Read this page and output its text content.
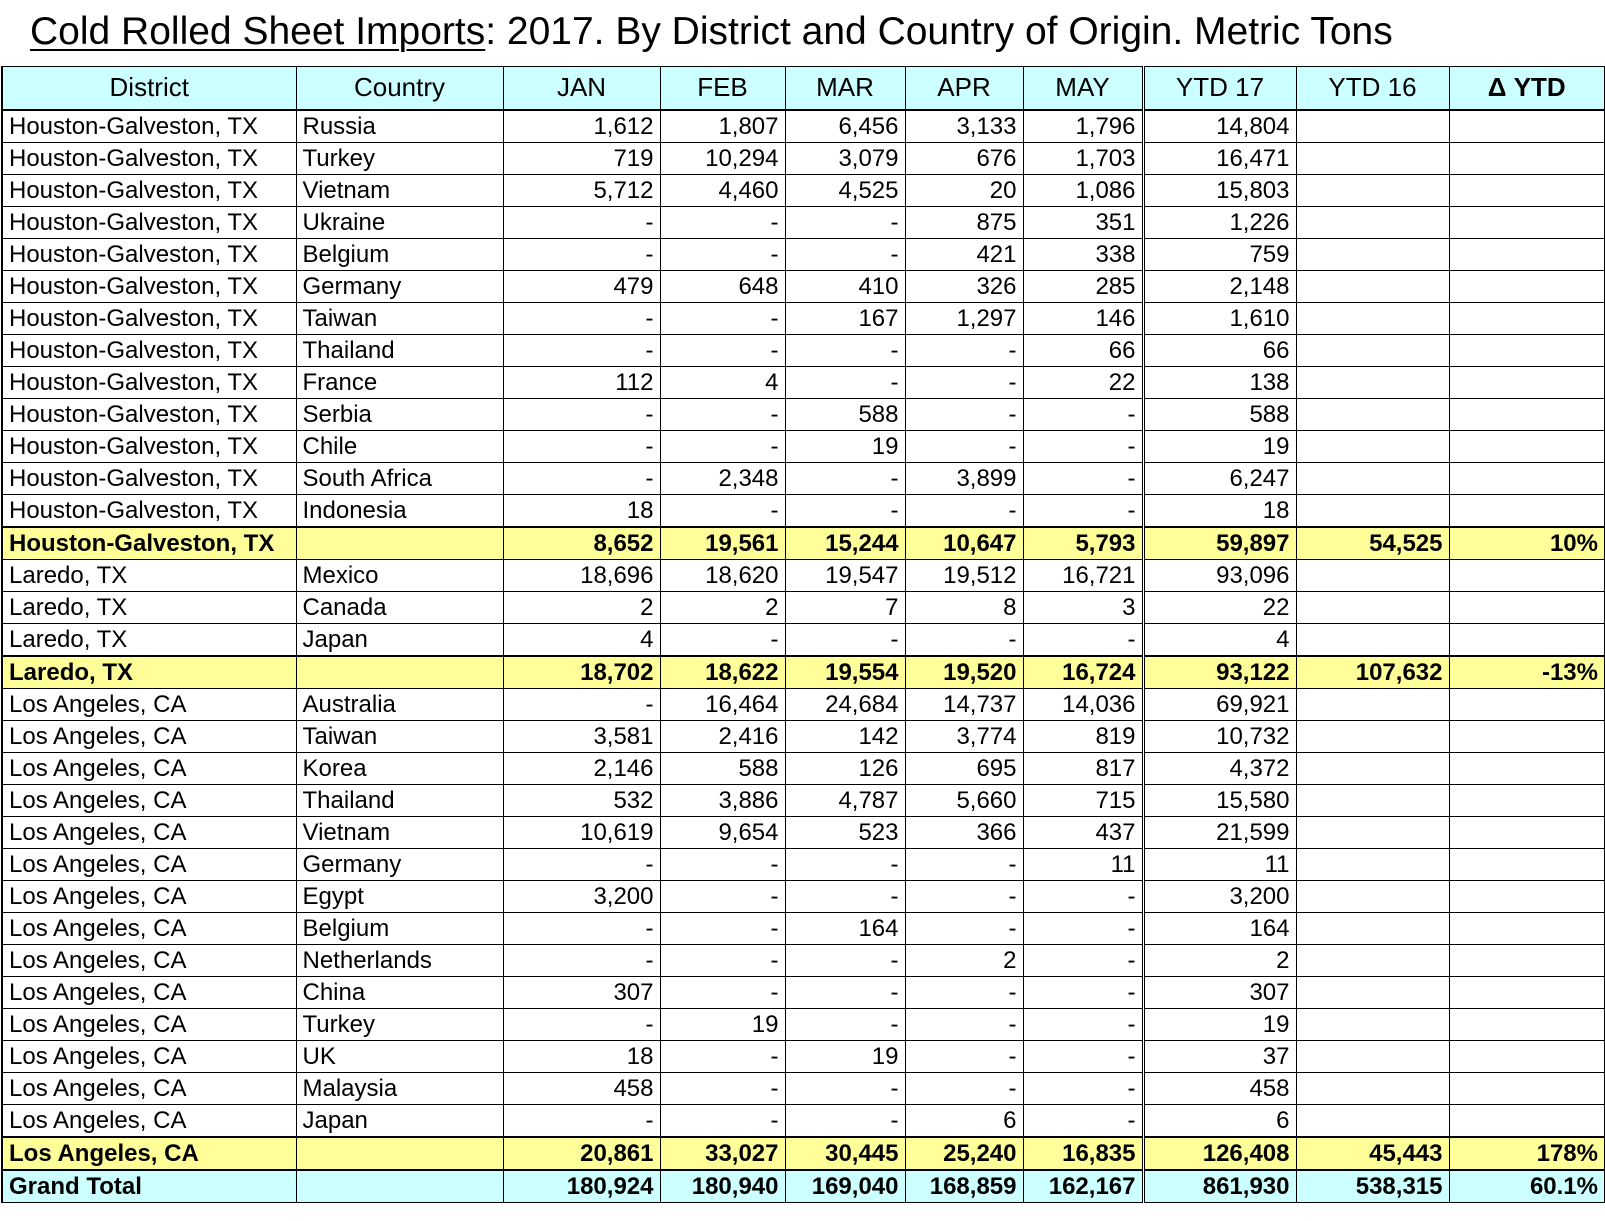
Cold Rolled Sheet Imports: 2017. By District and Country of Origin. Metric Tons
District	Country	JAN	FEB	MAR	APR	MAY	YTD 17	YTD 16	Δ YTD
Houston-Galveston, TX	Russia	1,612	1,807	6,456	3,133	1,796	14,804		
Houston-Galveston, TX	Turkey	719	10,294	3,079	676	1,703	16,471		
Houston-Galveston, TX	Vietnam	5,712	4,460	4,525	20	1,086	15,803		
Houston-Galveston, TX	Ukraine	-	-	-	875	351	1,226		
Houston-Galveston, TX	Belgium	-	-	-	421	338	759		
Houston-Galveston, TX	Germany	479	648	410	326	285	2,148		
Houston-Galveston, TX	Taiwan	-	-	167	1,297	146	1,610		
Houston-Galveston, TX	Thailand	-	-	-	-	66	66		
Houston-Galveston, TX	France	112	4	-	-	22	138		
Houston-Galveston, TX	Serbia	-	-	588	-	-	588		
Houston-Galveston, TX	Chile	-	-	19	-	-	19		
Houston-Galveston, TX	South Africa	-	2,348	-	3,899	-	6,247		
Houston-Galveston, TX	Indonesia	18	-	-	-	-	18		
Houston-Galveston, TX		8,652	19,561	15,244	10,647	5,793	59,897	54,525	10%
Laredo, TX	Mexico	18,696	18,620	19,547	19,512	16,721	93,096		
Laredo, TX	Canada	2	2	7	8	3	22		
Laredo, TX	Japan	4	-	-	-	-	4		
Laredo, TX		18,702	18,622	19,554	19,520	16,724	93,122	107,632	-13%
Los Angeles, CA	Australia	-	16,464	24,684	14,737	14,036	69,921		
Los Angeles, CA	Taiwan	3,581	2,416	142	3,774	819	10,732		
Los Angeles, CA	Korea	2,146	588	126	695	817	4,372		
Los Angeles, CA	Thailand	532	3,886	4,787	5,660	715	15,580		
Los Angeles, CA	Vietnam	10,619	9,654	523	366	437	21,599		
Los Angeles, CA	Germany	-	-	-	-	11	11		
Los Angeles, CA	Egypt	3,200	-	-	-	-	3,200		
Los Angeles, CA	Belgium	-	-	164	-	-	164		
Los Angeles, CA	Netherlands	-	-	-	2	-	2		
Los Angeles, CA	China	307	-	-	-	-	307		
Los Angeles, CA	Turkey	-	19	-	-	-	19		
Los Angeles, CA	UK	18	-	19	-	-	37		
Los Angeles, CA	Malaysia	458	-	-	-	-	458		
Los Angeles, CA	Japan	-	-	-	6	-	6		
Los Angeles, CA		20,861	33,027	30,445	25,240	16,835	126,408	45,443	178%
Grand Total		180,924	180,940	169,040	168,859	162,167	861,930	538,315	60.1%
